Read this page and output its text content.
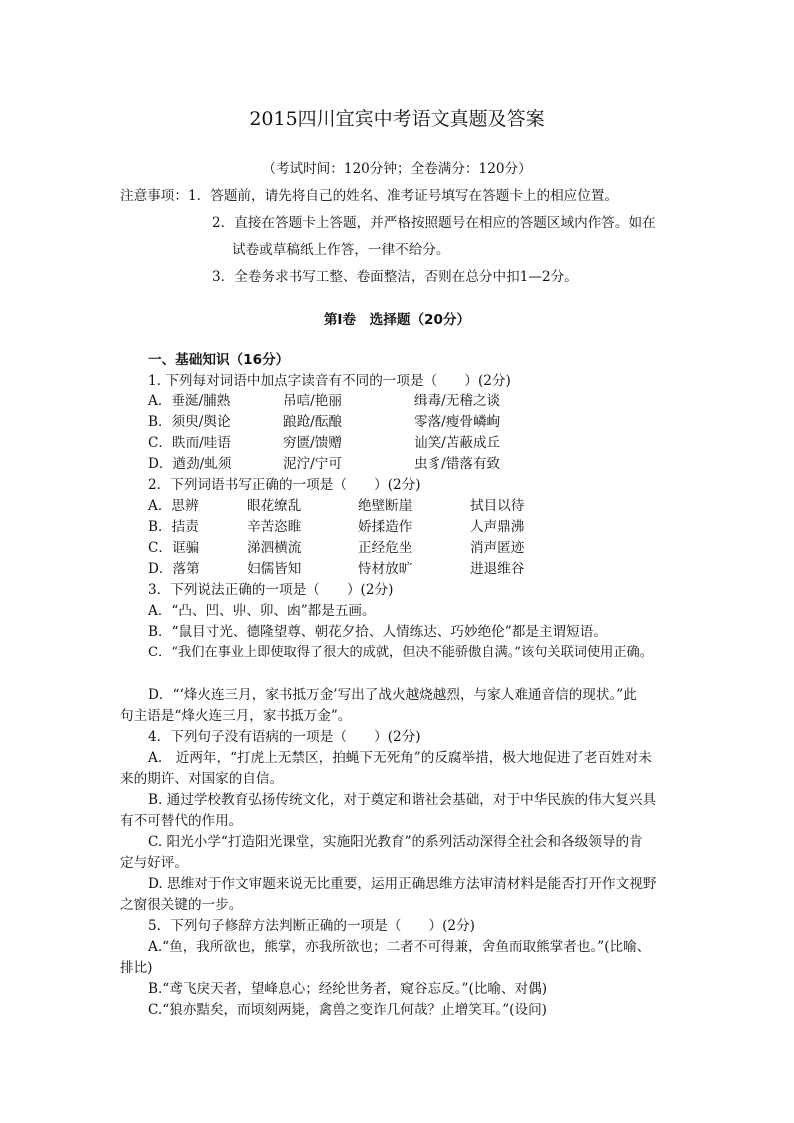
2015四川宜宾中考语文真题及答案
（考试时间：120分钟；全卷满分：120分）
注意事项： 1．答题前，请先将自己的姓名、准考证号填写在答题卡上的相应位置。
2．直接在答题卡上答题，并严格按照题号在相应的答题区域内作答。如在
试卷或草稿纸上作答，一律不给分。
3．全卷务求书写工整、卷面整洁，否则在总分中扣1—2分。
第Ⅰ卷　选择题（20分）
一、基础知识（16分）
1. 下列每对词语中加点字读音有不同的一项是（　　）(2分)
A．垂涎/脯熟	吊唁/艳丽	缉毒/无稽之谈
B．须臾/舆论	踉跄/酝酿	零落/瘦骨嶙峋
C．眣而/哇语	穷匮/馈赠	讪笑/苫蔽成丘
D．遒劲/虬须	泥泞/宁可	虫豸/错落有致
2．下列词语书写正确的一项是（　　）(2分)
A．思辨	眼花缭乱	绝壁断崖	拭目以待
B．拮责	辛苦恣睢	娇揉造作	人声鼎沸
C．诓骗	涕泗横流	正经危坐	消声匿迹
D．落第	妇儒皆知	恃材放旷	进退维谷
3．下列说法正确的一项是（　　）(2分)
A．“凸、凹、丱、卯、凼”都是五画。
B．“鼠目寸光、德隆望尊、朝花夕拾、人情练达、巧妙绝伦”都是主谓短语。
C．“我们在事业上即使取得了很大的成就，但决不能骄傲自满。”该句关联词使用正确。
D．“‘烽火连三月，家书抵万金’写出了战火越烧越烈，与家人难通音信的现状。”此
句主语是“烽火连三月，家书抵万金”。
4．下列句子没有语病的一项是（　　）(2分)
A.　近两年，“打虎上无禁区，拍蝇下无死角”的反腐举措，极大地促进了老百姓对未
来的期许、对国家的自信。
B. 通过学校教育弘扬传统文化，对于奠定和谐社会基础，对于中华民族的伟大复兴具
有不可替代的作用。
C. 阳光小学“打造阳光课堂，实施阳光教育”的系列活动深得全社会和各级领导的肯
定与好评。
D. 思维对于作文审题来说无比重要，运用正确思维方法审清材料是能否打开作文视野
之窗很关键的一步。
5．下列句子修辞方法判断正确的一项是（　　）(2分)
A.“鱼，我所欲也，熊掌，亦我所欲也；二者不可得兼，舍鱼而取熊掌者也。”(比喻、
排比)
B.“鸢飞戾天者，望峰息心；经纶世务者，窥谷忘反。”(比喻、对偶)
C.“狼亦黠矣，而顷刻两毙，禽兽之变诈几何哉？止增笑耳。”(设问)
